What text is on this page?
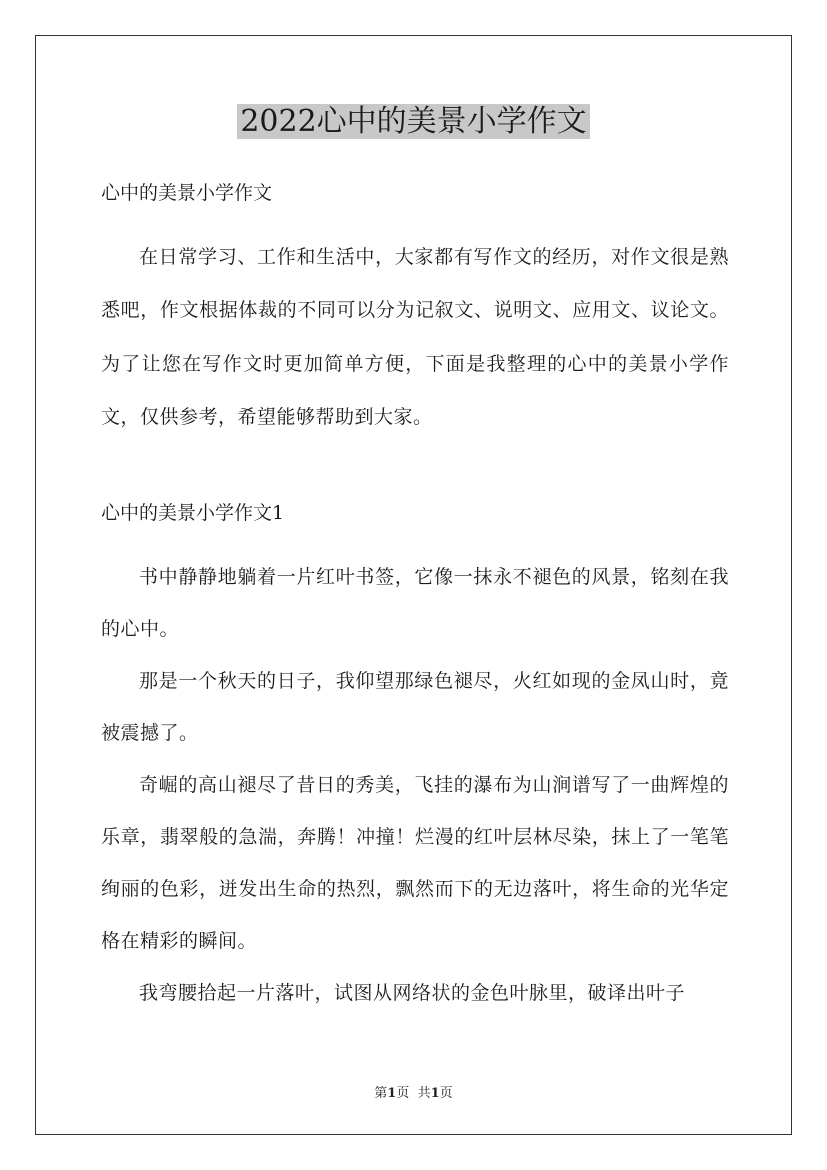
2022心中的美景小学作文
心中的美景小学作文

在日常学习、工作和生活中，大家都有写作文的经历，对作文很是熟悉吧，作文根据体裁的不同可以分为记叙文、说明文、应用文、议论文。为了让您在写作文时更加简单方便，下面是我整理的心中的美景小学作文，仅供参考，希望能够帮助到大家。

心中的美景小学作文1

书中静静地躺着一片红叶书签，它像一抹永不褪色的风景，铭刻在我的心中。

那是一个秋天的日子，我仰望那绿色褪尽，火红如现的金凤山时，竟被震撼了。

奇崛的高山褪尽了昔日的秀美，飞挂的瀑布为山涧谱写了一曲辉煌的乐章，翡翠般的急湍，奔腾！冲撞！烂漫的红叶层林尽染，抹上了一笔笔绚丽的色彩，迸发出生命的热烈，飘然而下的无边落叶，将生命的光华定格在精彩的瞬间。

我弯腰拾起一片落叶，试图从网络状的金色叶脉里，破译出叶子

第1页 共1页
